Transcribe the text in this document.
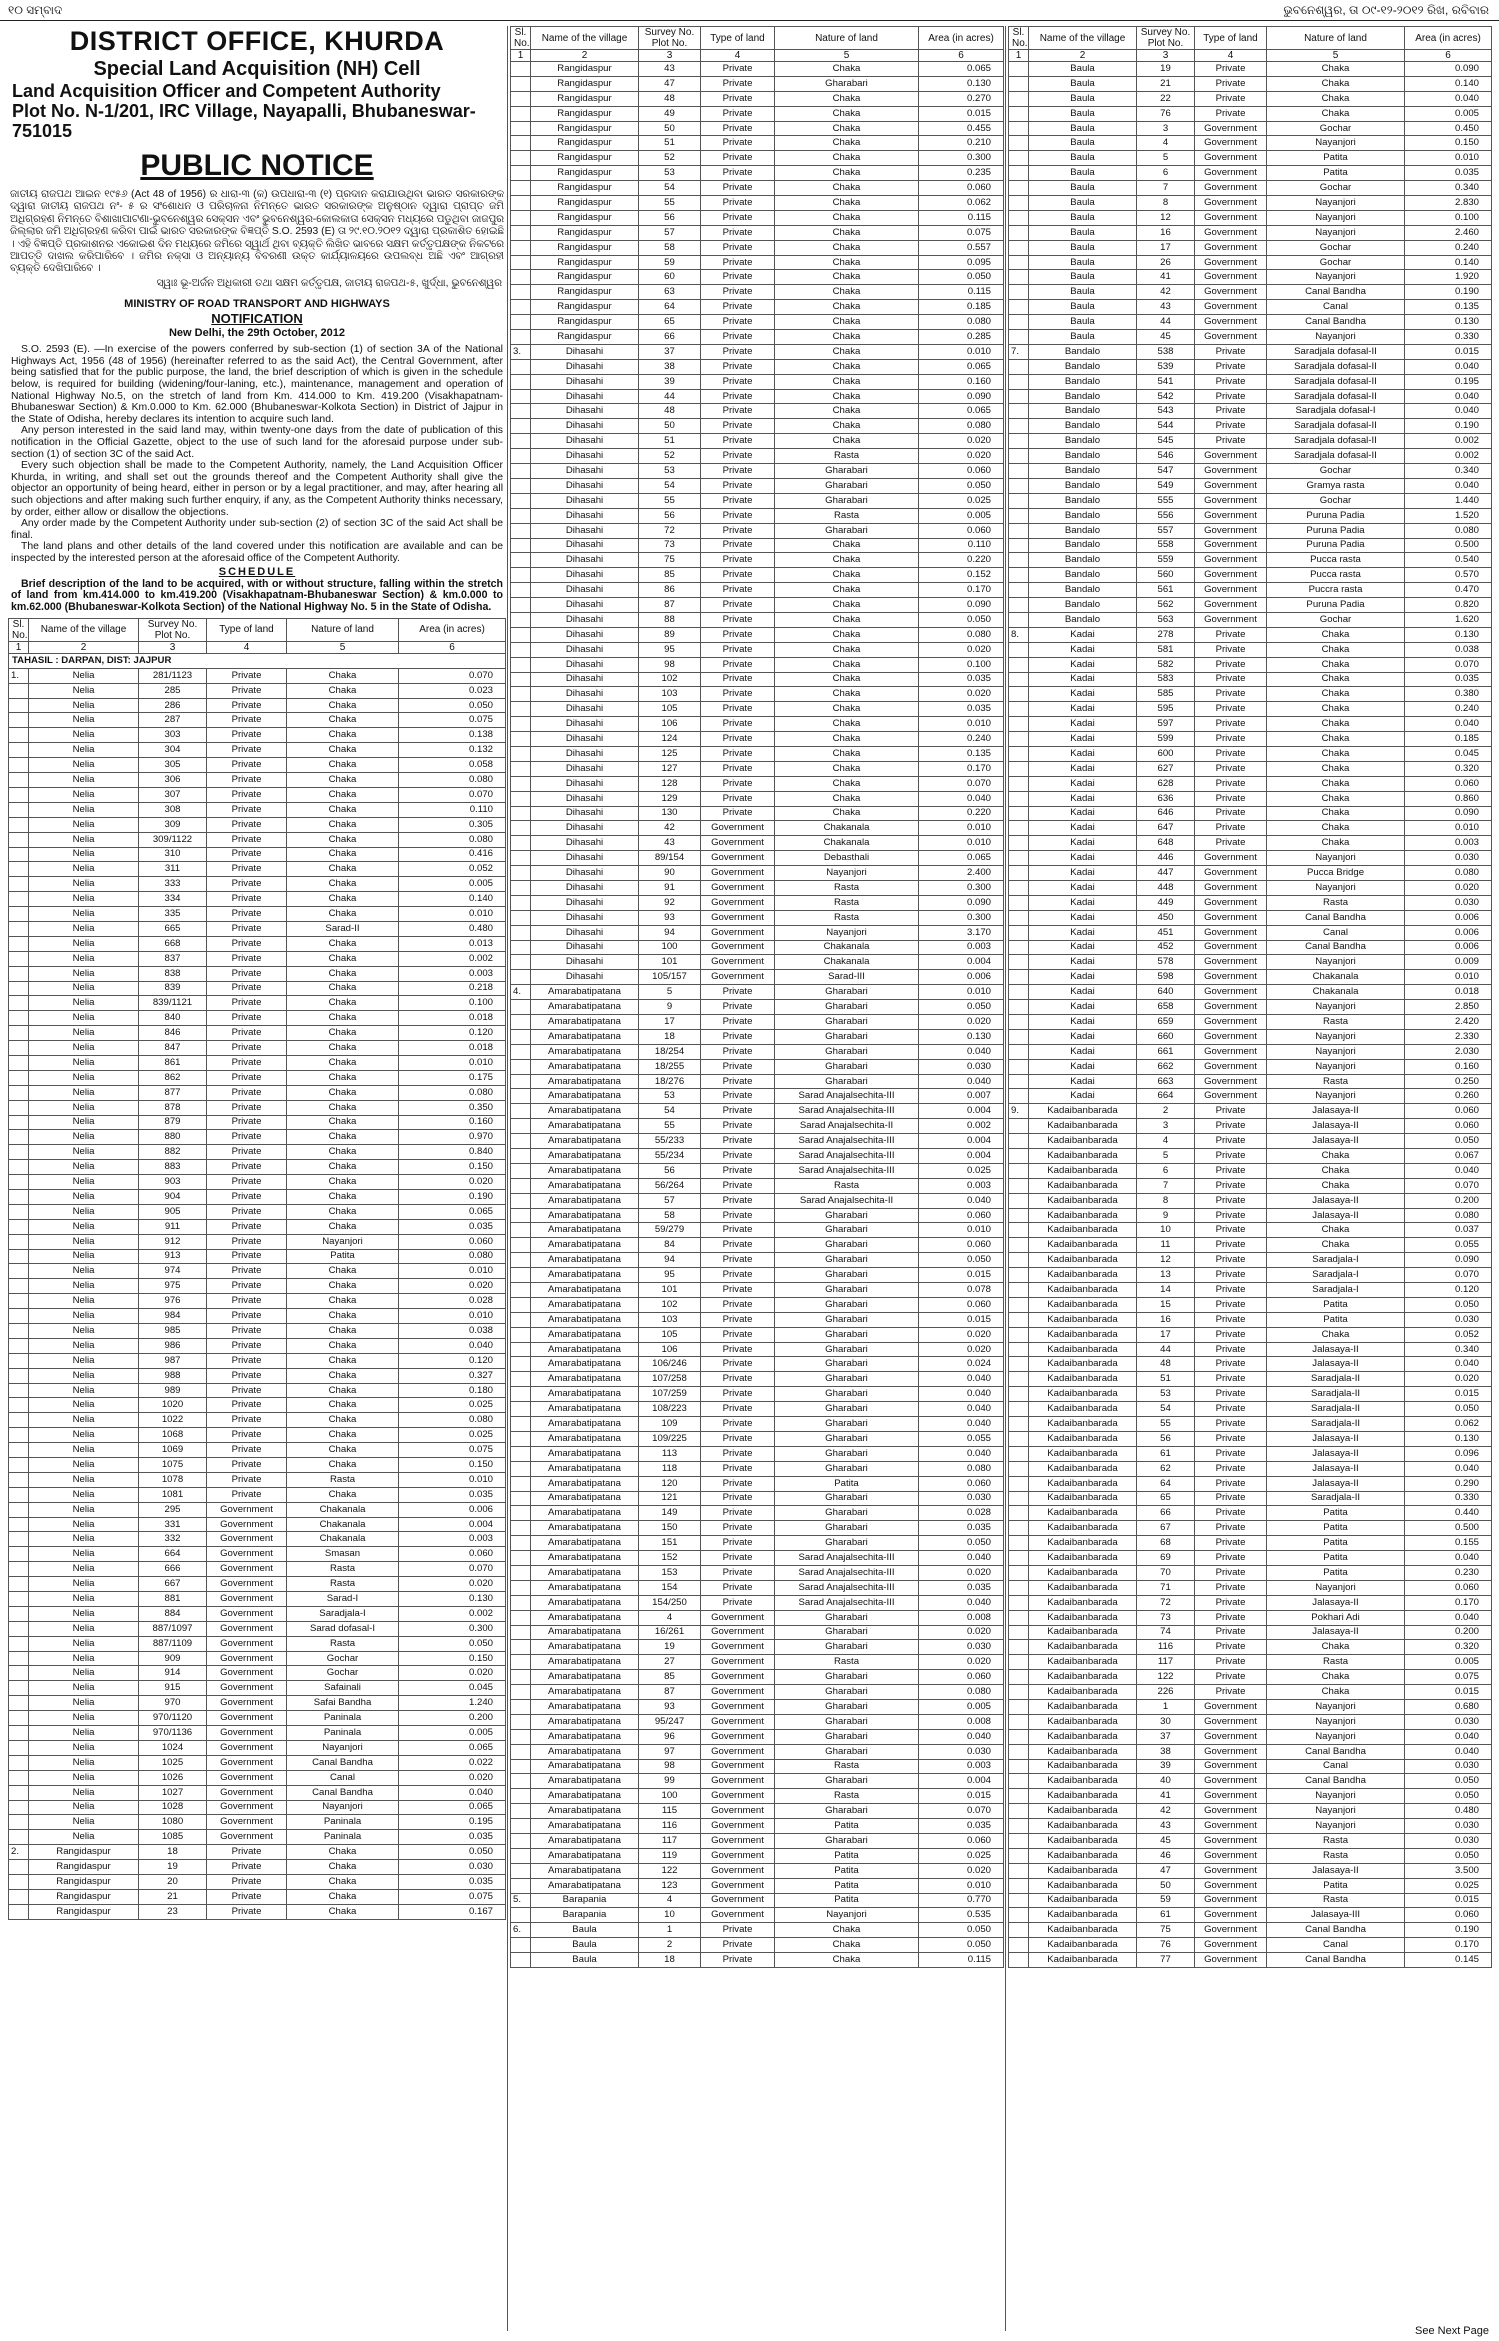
୧୦ ସମ୍ବାଦ	ଭୁବନେଶ୍ୱର, ତା ୦୯-୧୨-୨୦୧୨ ରିଖ, ରବିବାର
DISTRICT OFFICE, KHURDA
Special Land Acquisition (NH) Cell
Land Acquisition Officer and Competent Authority
Plot No. N-1/201, IRC Village, Nayapalli, Bhubaneswar-751015
PUBLIC NOTICE
ଜାତୀୟ ରାଜପଥ ଆଇନ ୧୯୫୬ (Act 48 of 1956) ର ଧାରା-୩ (କ) ଉପଧାରା-୩ (୧) ପ୍ରଦାନ କରାଯାଉଥିବା ଭାରତ ସରକାରଙ୍କ ଦ୍ୱାରା ଜାତୀୟ ରାଜପଥ ନଂ- ୫ ର ସଂଶୋଧନ ଓ ପରିଚାଳନା ନିମନ୍ତେ ଭାରତ ସରକାରଙ୍କ ଅନୁଷ୍ଠାନ ଦ୍ୱାରା ପ୍ରାପ୍ତ ଜମି ଅଧିଗ୍ରହଣ ନିମନ୍ତେ ବିଶାଖାପାଟଣା-ଭୁବନେଶ୍ୱର ସେକ୍ସନ ଏବଂ ଭୁବନେଶ୍ୱର-କୋଲକାତା ସେକ୍ସନ ମଧ୍ୟରେ ପଡୁଥିବା ଜାଜପୁର ଜିଲ୍ଲାର ଜମି ଅଧିଗ୍ରହଣ କରିବା ପାଇଁ ଭାରତ ସରକାରଙ୍କ ବିଜ୍ଞପ୍ତି S.O. 2593 (E) ତା ୨୯.୧୦.୨୦୧୨ ଦ୍ୱାରା ପ୍ରକାଶିତ ହୋଇଛି । ଏହି ବିଜ୍ଞପ୍ତି ପ୍ରକାଶନର ଏକୋଇଶ ଦିନ ମଧ୍ୟରେ ଜମିରେ ସ୍ୱାର୍ଥ ଥିବା ବ୍ୟକ୍ତି ଲିଖିତ ଭାବରେ ସକ୍ଷମ କର୍ତ୍ତୃପକ୍ଷଙ୍କ ନିକଟରେ ଆପତ୍ତି ଦାଖଲ କରିପାରିବେ । ଜମିର ନକ୍ସା ଓ ଅନ୍ୟାନ୍ୟ ବିବରଣୀ ଉକ୍ତ କାର୍ଯ୍ୟାଳୟରେ ଉପଲବ୍ଧ ଅଛି ଏବଂ ଆଗ୍ରହୀ ବ୍ୟକ୍ତି ଦେଖିପାରିବେ ।
ସ୍ୱାଃ ଭୂ-ଅର୍ଜନ ଅଧିକାରୀ ତଥା ସକ୍ଷମ କର୍ତ୍ତୃପକ୍ଷ, ଜାତୀୟ ରାଜପଥ-୫, ଖୁର୍ଦ୍ଧା, ଭୁବନେଶ୍ୱର
MINISTRY OF ROAD TRANSPORT AND HIGHWAYS
NOTIFICATION
New Delhi, the 29th October, 2012
S.O. 2593 (E). —In exercise of the powers conferred by sub-section (1) of section 3A of the National Highways Act, 1956 (48 of 1956) (hereinafter referred to as the said Act), the Central Government, after being satisfied that for the public purpose, the land, the brief description of which is given in the schedule below, is required for building (widening/four-laning, etc.), maintenance, management and operation of National Highway No.5, on the stretch of land from Km. 414.000 to Km. 419.200 (Visakhapatnam-Bhubaneswar Section) & Km.0.000 to Km. 62.000 (Bhubaneswar-Kolkota Section) in District of Jajpur in the State of Odisha, hereby declares its intention to acquire such land.
Any person interested in the said land may, within twenty-one days from the date of publication of this notification in the Official Gazette, object to the use of such land for the aforesaid purpose under sub-section (1) of section 3C of the said Act.
Every such objection shall be made to the Competent Authority, namely, the Land Acquisition Officer Khurda, in writing, and shall set out the grounds thereof and the Competent Authority shall give the objector an opportunity of being heard, either in person or by a legal practitioner, and may, after hearing all such objections and after making such further enquiry, if any, as the Competent Authority thinks necessary, by order, either allow or disallow the objections.
Any order made by the Competent Authority under sub-section (2) of section 3C of the said Act shall be final.
The land plans and other details of the land covered under this notification are available and can be inspected by the interested person at the aforesaid office of the Competent Authority.
SCHEDULE
Brief description of the land to be acquired, with or without structure, falling within the stretch of land from km.414.000 to km.419.200 (Visakhapatnam-Bhubaneswar Section) & km.0.000 to km.62.000 (Bhubaneswar-Kolkota Section) of the National Highway No. 5 in the State of Odisha.
Sl. No.	Name of the village	Survey No. Plot No.	Type of land	Nature of land	Area (in acres)
1	2	3	4	5	6
TAHASIL : DARPAN, DIST: JAJPUR					
1.	Nelia	281/1123	Private	Chaka	0.070
	Nelia	285	Private	Chaka	0.023
	Nelia	286	Private	Chaka	0.050
	Nelia	287	Private	Chaka	0.075
	Nelia	303	Private	Chaka	0.138
	Nelia	304	Private	Chaka	0.132
	Nelia	305	Private	Chaka	0.058
	Nelia	306	Private	Chaka	0.080
	Nelia	307	Private	Chaka	0.070
	Nelia	308	Private	Chaka	0.110
	Nelia	309	Private	Chaka	0.305
	Nelia	309/1122	Private	Chaka	0.080
	Nelia	310	Private	Chaka	0.416
	Nelia	311	Private	Chaka	0.052
	Nelia	333	Private	Chaka	0.005
	Nelia	334	Private	Chaka	0.140
	Nelia	335	Private	Chaka	0.010
	Nelia	665	Private	Sarad-II	0.480
	Nelia	668	Private	Chaka	0.013
	Nelia	837	Private	Chaka	0.002
	Nelia	838	Private	Chaka	0.003
	Nelia	839	Private	Chaka	0.218
	Nelia	839/1121	Private	Chaka	0.100
	Nelia	840	Private	Chaka	0.018
	Nelia	846	Private	Chaka	0.120
	Nelia	847	Private	Chaka	0.018
	Nelia	861	Private	Chaka	0.010
	Nelia	862	Private	Chaka	0.175
	Nelia	877	Private	Chaka	0.080
	Nelia	878	Private	Chaka	0.350
	Nelia	879	Private	Chaka	0.160
	Nelia	880	Private	Chaka	0.970
	Nelia	882	Private	Chaka	0.840
	Nelia	883	Private	Chaka	0.150
	Nelia	903	Private	Chaka	0.020
	Nelia	904	Private	Chaka	0.190
	Nelia	905	Private	Chaka	0.065
	Nelia	911	Private	Chaka	0.035
	Nelia	912	Private	Nayanjori	0.060
	Nelia	913	Private	Patita	0.080
	Nelia	974	Private	Chaka	0.010
	Nelia	975	Private	Chaka	0.020
	Nelia	976	Private	Chaka	0.028
	Nelia	984	Private	Chaka	0.010
	Nelia	985	Private	Chaka	0.038
	Nelia	986	Private	Chaka	0.040
	Nelia	987	Private	Chaka	0.120
	Nelia	988	Private	Chaka	0.327
	Nelia	989	Private	Chaka	0.180
	Nelia	1020	Private	Chaka	0.025
	Nelia	1022	Private	Chaka	0.080
	Nelia	1068	Private	Chaka	0.025
	Nelia	1069	Private	Chaka	0.075
	Nelia	1075	Private	Chaka	0.150
	Nelia	1078	Private	Rasta	0.010
	Nelia	1081	Private	Chaka	0.035
	Nelia	295	Government	Chakanala	0.006
	Nelia	331	Government	Chakanala	0.004
	Nelia	332	Government	Chakanala	0.003
	Nelia	664	Government	Smasan	0.060
	Nelia	666	Government	Rasta	0.070
	Nelia	667	Government	Rasta	0.020
	Nelia	881	Government	Sarad-I	0.130
	Nelia	884	Government	Saradjala-I	0.002
	Nelia	887/1097	Government	Sarad dofasal-I	0.300
	Nelia	887/1109	Government	Rasta	0.050
	Nelia	909	Government	Gochar	0.150
	Nelia	914	Government	Gochar	0.020
	Nelia	915	Government	Safainali	0.045
	Nelia	970	Government	Safai Bandha	1.240
	Nelia	970/1120	Government	Paninala	0.200
	Nelia	970/1136	Government	Paninala	0.005
	Nelia	1024	Government	Nayanjori	0.065
	Nelia	1025	Government	Canal Bandha	0.022
	Nelia	1026	Government	Canal	0.020
	Nelia	1027	Government	Canal Bandha	0.040
	Nelia	1028	Government	Nayanjori	0.065
	Nelia	1080	Government	Paninala	0.195
	Nelia	1085	Government	Paninala	0.035
2.	Rangidaspur	18	Private	Chaka	0.050
	Rangidaspur	19	Private	Chaka	0.030
	Rangidaspur	20	Private	Chaka	0.035
	Rangidaspur	21	Private	Chaka	0.075
	Rangidaspur	23	Private	Chaka	0.167
Sl. No.	Name of the village	Survey No. Plot No.	Type of land	Nature of land	Area (in acres)
1	2	3	4	5	6
	Rangidaspur	43	Private	Chaka	0.065
	Rangidaspur	47	Private	Gharabari	0.130
	Rangidaspur	48	Private	Chaka	0.270
	Rangidaspur	49	Private	Chaka	0.015
	Rangidaspur	50	Private	Chaka	0.455
	Rangidaspur	51	Private	Chaka	0.210
	Rangidaspur	52	Private	Chaka	0.300
	Rangidaspur	53	Private	Chaka	0.235
	Rangidaspur	54	Private	Chaka	0.060
	Rangidaspur	55	Private	Chaka	0.062
	Rangidaspur	56	Private	Chaka	0.115
	Rangidaspur	57	Private	Chaka	0.075
	Rangidaspur	58	Private	Chaka	0.557
	Rangidaspur	59	Private	Chaka	0.095
	Rangidaspur	60	Private	Chaka	0.050
	Rangidaspur	63	Private	Chaka	0.115
	Rangidaspur	64	Private	Chaka	0.185
	Rangidaspur	65	Private	Chaka	0.080
	Rangidaspur	66	Private	Chaka	0.285
3.	Dihasahi	37	Private	Chaka	0.010
	Dihasahi	38	Private	Chaka	0.065
	Dihasahi	39	Private	Chaka	0.160
	Dihasahi	44	Private	Chaka	0.090
	Dihasahi	48	Private	Chaka	0.065
	Dihasahi	50	Private	Chaka	0.080
	Dihasahi	51	Private	Chaka	0.020
	Dihasahi	52	Private	Rasta	0.020
	Dihasahi	53	Private	Gharabari	0.060
	Dihasahi	54	Private	Gharabari	0.050
	Dihasahi	55	Private	Gharabari	0.025
	Dihasahi	56	Private	Rasta	0.005
	Dihasahi	72	Private	Gharabari	0.060
	Dihasahi	73	Private	Chaka	0.110
	Dihasahi	75	Private	Chaka	0.220
	Dihasahi	85	Private	Chaka	0.152
	Dihasahi	86	Private	Chaka	0.170
	Dihasahi	87	Private	Chaka	0.090
	Dihasahi	88	Private	Chaka	0.050
	Dihasahi	89	Private	Chaka	0.080
	Dihasahi	95	Private	Chaka	0.020
	Dihasahi	98	Private	Chaka	0.100
	Dihasahi	102	Private	Chaka	0.035
	Dihasahi	103	Private	Chaka	0.020
	Dihasahi	105	Private	Chaka	0.035
	Dihasahi	106	Private	Chaka	0.010
	Dihasahi	124	Private	Chaka	0.240
	Dihasahi	125	Private	Chaka	0.135
	Dihasahi	127	Private	Chaka	0.170
	Dihasahi	128	Private	Chaka	0.070
	Dihasahi	129	Private	Chaka	0.040
	Dihasahi	130	Private	Chaka	0.220
	Dihasahi	42	Government	Chakanala	0.010
	Dihasahi	43	Government	Chakanala	0.010
	Dihasahi	89/154	Government	Debasthali	0.065
	Dihasahi	90	Government	Nayanjori	2.400
	Dihasahi	91	Government	Rasta	0.300
	Dihasahi	92	Government	Rasta	0.090
	Dihasahi	93	Government	Rasta	0.300
	Dihasahi	94	Government	Nayanjori	3.170
	Dihasahi	100	Government	Chakanala	0.003
	Dihasahi	101	Government	Chakanala	0.004
	Dihasahi	105/157	Government	Sarad-III	0.006
4.	Amarabatipatana	5	Private	Gharabari	0.010
	Amarabatipatana	9	Private	Gharabari	0.050
	Amarabatipatana	17	Private	Gharabari	0.020
	Amarabatipatana	18	Private	Gharabari	0.130
	Amarabatipatana	18/254	Private	Gharabari	0.040
	Amarabatipatana	18/255	Private	Gharabari	0.030
	Amarabatipatana	18/276	Private	Gharabari	0.040
	Amarabatipatana	53	Private	Sarad Anajalsechita-III	0.007
	Amarabatipatana	54	Private	Sarad Anajalsechita-III	0.004
	Amarabatipatana	55	Private	Sarad Anajalsechita-II	0.002
	Amarabatipatana	55/233	Private	Sarad Anajalsechita-III	0.004
	Amarabatipatana	55/234	Private	Sarad Anajalsechita-III	0.004
	Amarabatipatana	56	Private	Sarad Anajalsechita-III	0.025
	Amarabatipatana	56/264	Private	Rasta	0.003
	Amarabatipatana	57	Private	Sarad Anajalsechita-II	0.040
	Amarabatipatana	58	Private	Gharabari	0.060
	Amarabatipatana	59/279	Private	Gharabari	0.010
	Amarabatipatana	84	Private	Gharabari	0.060
	Amarabatipatana	94	Private	Gharabari	0.050
	Amarabatipatana	95	Private	Gharabari	0.015
	Amarabatipatana	101	Private	Gharabari	0.078
	Amarabatipatana	102	Private	Gharabari	0.060
	Amarabatipatana	103	Private	Gharabari	0.015
	Amarabatipatana	105	Private	Gharabari	0.020
	Amarabatipatana	106	Private	Gharabari	0.020
	Amarabatipatana	106/246	Private	Gharabari	0.024
	Amarabatipatana	107/258	Private	Gharabari	0.040
	Amarabatipatana	107/259	Private	Gharabari	0.040
	Amarabatipatana	108/223	Private	Gharabari	0.040
	Amarabatipatana	109	Private	Gharabari	0.040
	Amarabatipatana	109/225	Private	Gharabari	0.055
	Amarabatipatana	113	Private	Gharabari	0.040
	Amarabatipatana	118	Private	Gharabari	0.080
	Amarabatipatana	120	Private	Patita	0.060
	Amarabatipatana	121	Private	Gharabari	0.030
	Amarabatipatana	149	Private	Gharabari	0.028
	Amarabatipatana	150	Private	Gharabari	0.035
	Amarabatipatana	151	Private	Gharabari	0.050
	Amarabatipatana	152	Private	Sarad Anajalsechita-III	0.040
	Amarabatipatana	153	Private	Sarad Anajalsechita-III	0.020
	Amarabatipatana	154	Private	Sarad Anajalsechita-III	0.035
	Amarabatipatana	154/250	Private	Sarad Anajalsechita-III	0.040
	Amarabatipatana	4	Government	Gharabari	0.008
	Amarabatipatana	16/261	Government	Gharabari	0.020
	Amarabatipatana	19	Government	Gharabari	0.030
	Amarabatipatana	27	Government	Rasta	0.020
	Amarabatipatana	85	Government	Gharabari	0.060
	Amarabatipatana	87	Government	Gharabari	0.080
	Amarabatipatana	93	Government	Gharabari	0.005
	Amarabatipatana	95/247	Government	Gharabari	0.008
	Amarabatipatana	96	Government	Gharabari	0.040
	Amarabatipatana	97	Government	Gharabari	0.030
	Amarabatipatana	98	Government	Rasta	0.003
	Amarabatipatana	99	Government	Gharabari	0.004
	Amarabatipatana	100	Government	Rasta	0.015
	Amarabatipatana	115	Government	Gharabari	0.070
	Amarabatipatana	116	Government	Patita	0.035
	Amarabatipatana	117	Government	Gharabari	0.060
	Amarabatipatana	119	Government	Patita	0.025
	Amarabatipatana	122	Government	Patita	0.020
	Amarabatipatana	123	Government	Patita	0.010
5.	Barapania	4	Government	Patita	0.770
	Barapania	10	Government	Nayanjori	0.535
6.	Baula	1	Private	Chaka	0.050
	Baula	2	Private	Chaka	0.050
	Baula	18	Private	Chaka	0.115
Sl. No.	Name of the village	Survey No. Plot No.	Type of land	Nature of land	Area (in acres)
1	2	3	4	5	6
	Baula	19	Private	Chaka	0.090
	Baula	21	Private	Chaka	0.140
	Baula	22	Private	Chaka	0.040
	Baula	76	Private	Chaka	0.005
	Baula	3	Government	Gochar	0.450
	Baula	4	Government	Nayanjori	0.150
	Baula	5	Government	Patita	0.010
	Baula	6	Government	Patita	0.035
	Baula	7	Government	Gochar	0.340
	Baula	8	Government	Nayanjori	2.830
	Baula	12	Government	Nayanjori	0.100
	Baula	16	Government	Nayanjori	2.460
	Baula	17	Government	Gochar	0.240
	Baula	26	Government	Gochar	0.140
	Baula	41	Government	Nayanjori	1.920
	Baula	42	Government	Canal Bandha	0.190
	Baula	43	Government	Canal	0.135
	Baula	44	Government	Canal Bandha	0.130
	Baula	45	Government	Nayanjori	0.330
7.	Bandalo	538	Private	Saradjala dofasal-II	0.015
	Bandalo	539	Private	Saradjala dofasal-II	0.040
	Bandalo	541	Private	Saradjala dofasal-II	0.195
	Bandalo	542	Private	Saradjala dofasal-II	0.040
	Bandalo	543	Private	Saradjala dofasal-I	0.040
	Bandalo	544	Private	Saradjala dofasal-II	0.190
	Bandalo	545	Private	Saradjala dofasal-II	0.002
	Bandalo	546	Government	Saradjala dofasal-II	0.002
	Bandalo	547	Government	Gochar	0.340
	Bandalo	549	Government	Gramya rasta	0.040
	Bandalo	555	Government	Gochar	1.440
	Bandalo	556	Government	Puruna Padia	1.520
	Bandalo	557	Government	Puruna Padia	0.080
	Bandalo	558	Government	Puruna Padia	0.500
	Bandalo	559	Government	Pucca rasta	0.540
	Bandalo	560	Government	Pucca rasta	0.570
	Bandalo	561	Government	Puccra rasta	0.470
	Bandalo	562	Government	Puruna Padia	0.820
	Bandalo	563	Government	Gochar	1.620
8.	Kadai	278	Private	Chaka	0.130
	Kadai	581	Private	Chaka	0.038
	Kadai	582	Private	Chaka	0.070
	Kadai	583	Private	Chaka	0.035
	Kadai	585	Private	Chaka	0.380
	Kadai	595	Private	Chaka	0.240
	Kadai	597	Private	Chaka	0.040
	Kadai	599	Private	Chaka	0.185
	Kadai	600	Private	Chaka	0.045
	Kadai	627	Private	Chaka	0.320
	Kadai	628	Private	Chaka	0.060
	Kadai	636	Private	Chaka	0.860
	Kadai	646	Private	Chaka	0.090
	Kadai	647	Private	Chaka	0.010
	Kadai	648	Private	Chaka	0.003
	Kadai	446	Government	Nayanjori	0.030
	Kadai	447	Government	Pucca Bridge	0.080
	Kadai	448	Government	Nayanjori	0.020
	Kadai	449	Government	Rasta	0.030
	Kadai	450	Government	Canal Bandha	0.006
	Kadai	451	Government	Canal	0.006
	Kadai	452	Government	Canal Bandha	0.006
	Kadai	578	Government	Nayanjori	0.009
	Kadai	598	Government	Chakanala	0.010
	Kadai	640	Government	Chakanala	0.018
	Kadai	658	Government	Nayanjori	2.850
	Kadai	659	Government	Rasta	2.420
	Kadai	660	Government	Nayanjori	2.330
	Kadai	661	Government	Nayanjori	2.030
	Kadai	662	Government	Nayanjori	0.160
	Kadai	663	Government	Rasta	0.250
	Kadai	664	Government	Nayanjori	0.260
9.	Kadaibanbarada	2	Private	Jalasaya-II	0.060
	Kadaibanbarada	3	Private	Jalasaya-II	0.060
	Kadaibanbarada	4	Private	Jalasaya-II	0.050
	Kadaibanbarada	5	Private	Chaka	0.067
	Kadaibanbarada	6	Private	Chaka	0.040
	Kadaibanbarada	7	Private	Chaka	0.070
	Kadaibanbarada	8	Private	Jalasaya-II	0.200
	Kadaibanbarada	9	Private	Jalasaya-II	0.080
	Kadaibanbarada	10	Private	Chaka	0.037
	Kadaibanbarada	11	Private	Chaka	0.055
	Kadaibanbarada	12	Private	Saradjala-I	0.090
	Kadaibanbarada	13	Private	Saradjala-I	0.070
	Kadaibanbarada	14	Private	Saradjala-I	0.120
	Kadaibanbarada	15	Private	Patita	0.050
	Kadaibanbarada	16	Private	Patita	0.030
	Kadaibanbarada	17	Private	Chaka	0.052
	Kadaibanbarada	44	Private	Jalasaya-II	0.340
	Kadaibanbarada	48	Private	Jalasaya-II	0.040
	Kadaibanbarada	51	Private	Saradjala-II	0.020
	Kadaibanbarada	53	Private	Saradjala-II	0.015
	Kadaibanbarada	54	Private	Saradjala-II	0.050
	Kadaibanbarada	55	Private	Saradjala-II	0.062
	Kadaibanbarada	56	Private	Jalasaya-II	0.130
	Kadaibanbarada	61	Private	Jalasaya-II	0.096
	Kadaibanbarada	62	Private	Jalasaya-II	0.040
	Kadaibanbarada	64	Private	Jalasaya-II	0.290
	Kadaibanbarada	65	Private	Saradjala-II	0.330
	Kadaibanbarada	66	Private	Patita	0.440
	Kadaibanbarada	67	Private	Patita	0.500
	Kadaibanbarada	68	Private	Patita	0.155
	Kadaibanbarada	69	Private	Patita	0.040
	Kadaibanbarada	70	Private	Patita	0.230
	Kadaibanbarada	71	Private	Nayanjori	0.060
	Kadaibanbarada	72	Private	Jalasaya-II	0.170
	Kadaibanbarada	73	Private	Pokhari Adi	0.040
	Kadaibanbarada	74	Private	Jalasaya-II	0.200
	Kadaibanbarada	116	Private	Chaka	0.320
	Kadaibanbarada	117	Private	Rasta	0.005
	Kadaibanbarada	122	Private	Chaka	0.075
	Kadaibanbarada	226	Private	Chaka	0.015
	Kadaibanbarada	1	Government	Nayanjori	0.680
	Kadaibanbarada	30	Government	Nayanjori	0.030
	Kadaibanbarada	37	Government	Nayanjori	0.040
	Kadaibanbarada	38	Government	Canal Bandha	0.040
	Kadaibanbarada	39	Government	Canal	0.030
	Kadaibanbarada	40	Government	Canal Bandha	0.050
	Kadaibanbarada	41	Government	Nayanjori	0.050
	Kadaibanbarada	42	Government	Nayanjori	0.480
	Kadaibanbarada	43	Government	Nayanjori	0.030
	Kadaibanbarada	45	Government	Rasta	0.030
	Kadaibanbarada	46	Government	Rasta	0.050
	Kadaibanbarada	47	Government	Jalasaya-II	3.500
	Kadaibanbarada	50	Government	Patita	0.025
	Kadaibanbarada	59	Government	Rasta	0.015
	Kadaibanbarada	61	Government	Jalasaya-III	0.060
	Kadaibanbarada	75	Government	Canal Bandha	0.190
	Kadaibanbarada	76	Government	Canal	0.170
	Kadaibanbarada	77	Government	Canal Bandha	0.145
See Next Page
